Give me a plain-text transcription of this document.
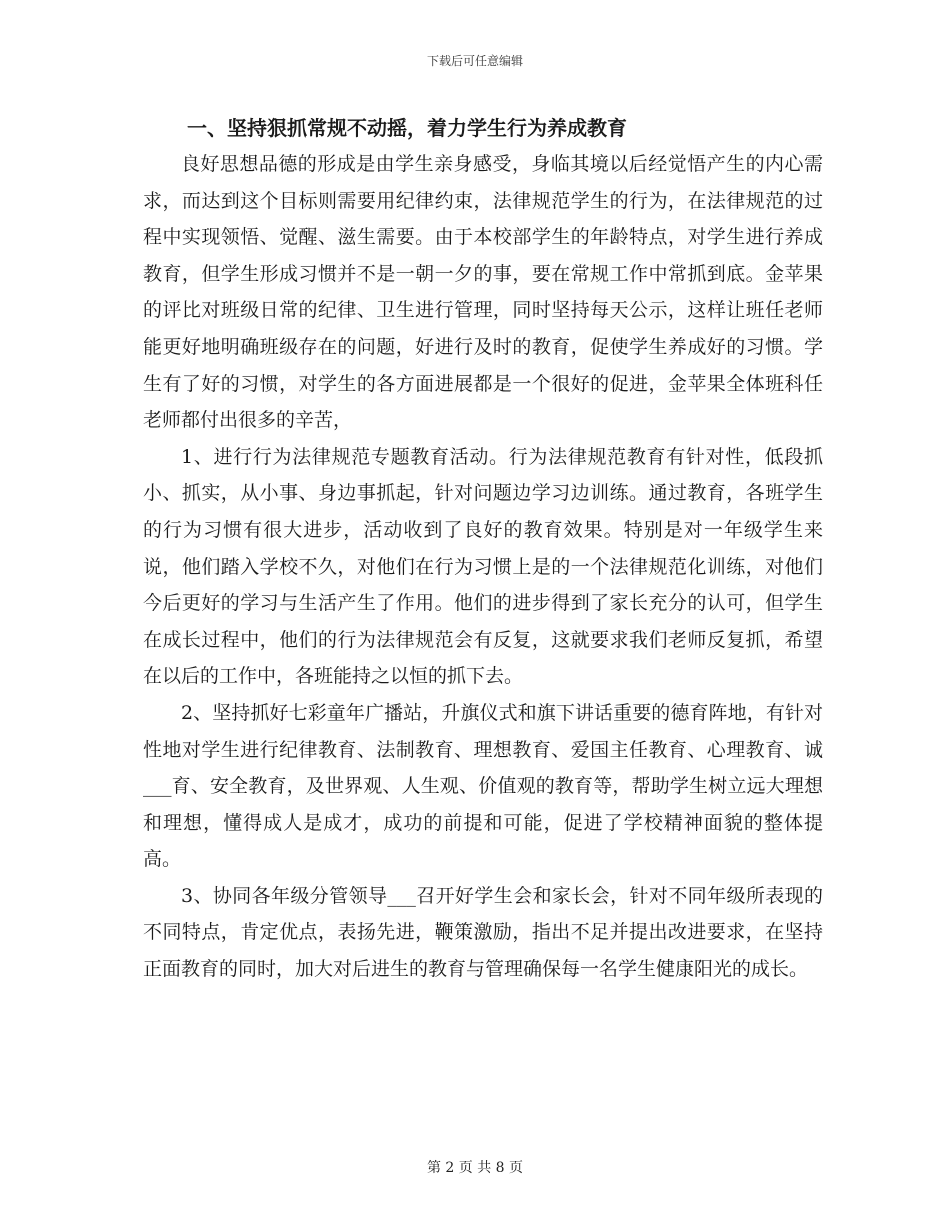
下载后可任意编辑
一、坚持狠抓常规不动摇，着力学生行为养成教育

良好思想品德的形成是由学生亲身感受，身临其境以后经觉悟产生的内心需求，而达到这个目标则需要用纪律约束，法律规范学生的行为，在法律规范的过程中实现领悟、觉醒、滋生需要。由于本校部学生的年龄特点，对学生进行养成教育，但学生形成习惯并不是一朝一夕的事，要在常规工作中常抓到底。金苹果的评比对班级日常的纪律、卫生进行管理，同时坚持每天公示，这样让班任老师能更好地明确班级存在的问题，好进行及时的教育，促使学生养成好的习惯。学生有了好的习惯，对学生的各方面进展都是一个很好的促进，金苹果全体班科任老师都付出很多的辛苦，

1、进行行为法律规范专题教育活动。行为法律规范教育有针对性，低段抓小、抓实，从小事、身边事抓起，针对问题边学习边训练。通过教育，各班学生的行为习惯有很大进步，活动收到了良好的教育效果。特别是对一年级学生来说，他们踏入学校不久，对他们在行为习惯上是的一个法律规范化训练，对他们今后更好的学习与生活产生了作用。他们的进步得到了家长充分的认可，但学生在成长过程中，他们的行为法律规范会有反复，这就要求我们老师反复抓，希望在以后的工作中，各班能持之以恒的抓下去。

2、坚持抓好七彩童年广播站，升旗仪式和旗下讲话重要的德育阵地，有针对性地对学生进行纪律教育、法制教育、理想教育、爱国主任教育、心理教育、诚___育、安全教育，及世界观、人生观、价值观的教育等，帮助学生树立远大理想和理想，懂得成人是成才，成功的前提和可能，促进了学校精神面貌的整体提高。

3、协同各年级分管领导___召开好学生会和家长会，针对不同年级所表现的不同特点，肯定优点，表扬先进，鞭策激励，指出不足并提出改进要求，在坚持正面教育的同时，加大对后进生的教育与管理确保每一名学生健康阳光的成长。

第 2 页 共 8 页
